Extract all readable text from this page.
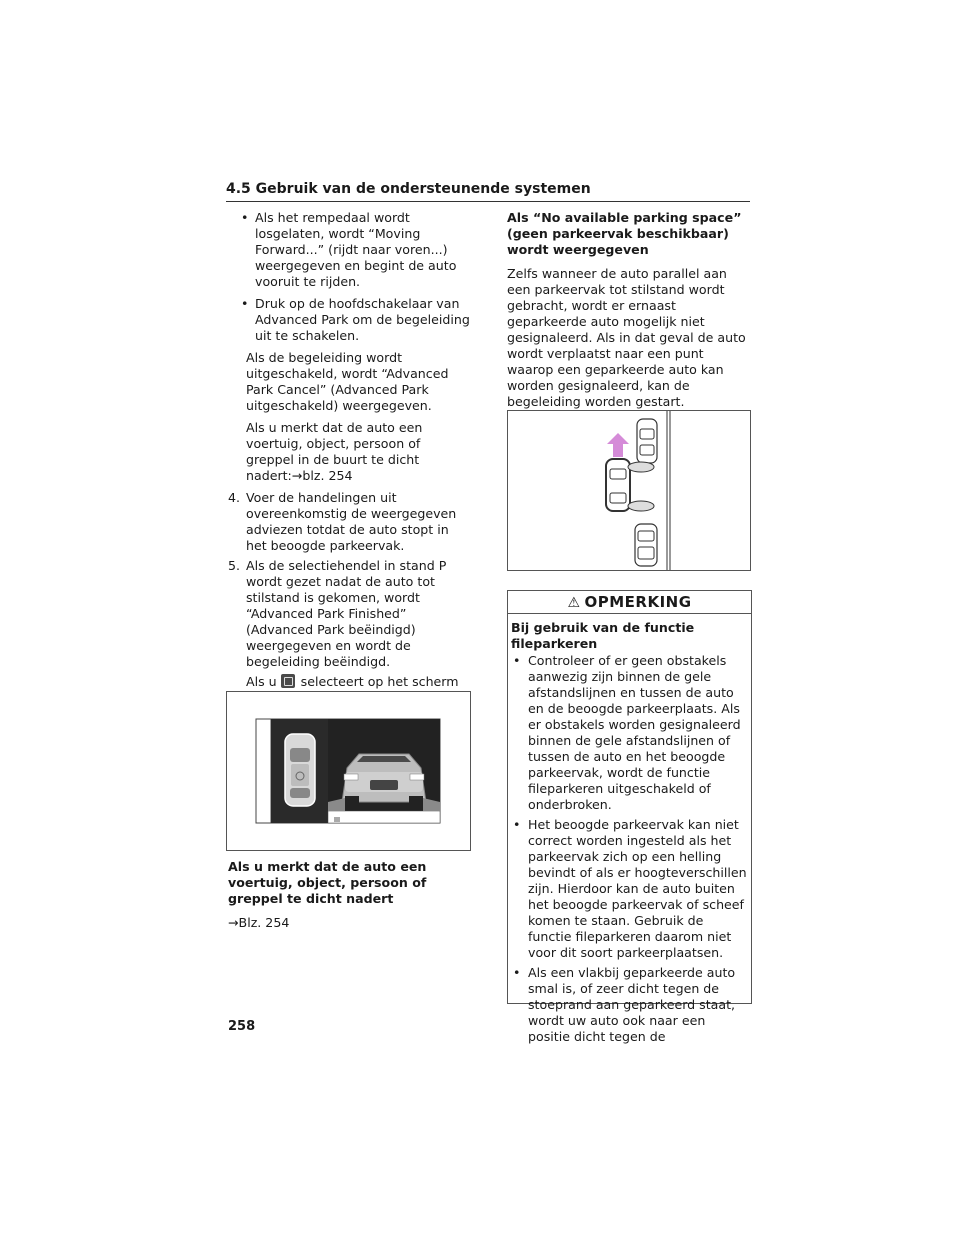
4.5 Gebruik van de ondersteunende systemen
• Als het rempedaal wordt losgelaten, wordt “Moving Forward...” (rijdt naar voren...) weergegeven en begint de auto vooruit te rijden.
• Druk op de hoofdschakelaar van Advanced Park om de begeleiding uit te schakelen.
Als de begeleiding wordt uitgeschakeld, wordt “Advanced Park Cancel” (Advanced Park uitgeschakeld) weergegeven.
Als u merkt dat de auto een voertuig, object, persoon of greppel in de buurt te dicht nadert:→blz. 254
4. Voer de handelingen uit overeenkomstig de weergegeven adviezen totdat de auto stopt in het beoogde parkeervak.
5. Als de selectiehendel in stand P wordt gezet nadat de auto tot stilstand is gekomen, wordt “Advanced Park Finished” (Advanced Park beëindigd) weergegeven en wordt de begeleiding beëindigd.
Als u selecteert op het scherm
Als u merkt dat de auto een voertuig, object, persoon of greppel te dicht nadert
→Blz. 254
Als “No available parking space” (geen parkeervak beschikbaar) wordt weergegeven
Zelfs wanneer de auto parallel aan een parkeervak tot stilstand wordt gebracht, wordt er ernaast geparkeerde auto mogelijk niet gesignaleerd. Als in dat geval de auto wordt verplaatst naar een punt waarop een geparkeerde auto kan worden gesignaleerd, kan de begeleiding worden gestart.
⚠ OPMERKING
Bij gebruik van de functie fileparkeren
• Controleer of er geen obstakels aanwezig zijn binnen de gele afstandslijnen en tussen de auto en de beoogde parkeerplaats. Als er obstakels worden gesignaleerd binnen de gele afstandslijnen of tussen de auto en het beoogde parkeervak, wordt de functie fileparkeren uitgeschakeld of onderbroken.
• Het beoogde parkeervak kan niet correct worden ingesteld als het parkeervak zich op een helling bevindt of als er hoogteverschillen zijn. Hierdoor kan de auto buiten het beoogde parkeervak of scheef komen te staan. Gebruik de functie fileparkeren daarom niet voor dit soort parkeerplaatsen.
• Als een vlakbij geparkeerde auto smal is, of zeer dicht tegen de stoeprand aan geparkeerd staat, wordt uw auto ook naar een positie dicht tegen de
258
